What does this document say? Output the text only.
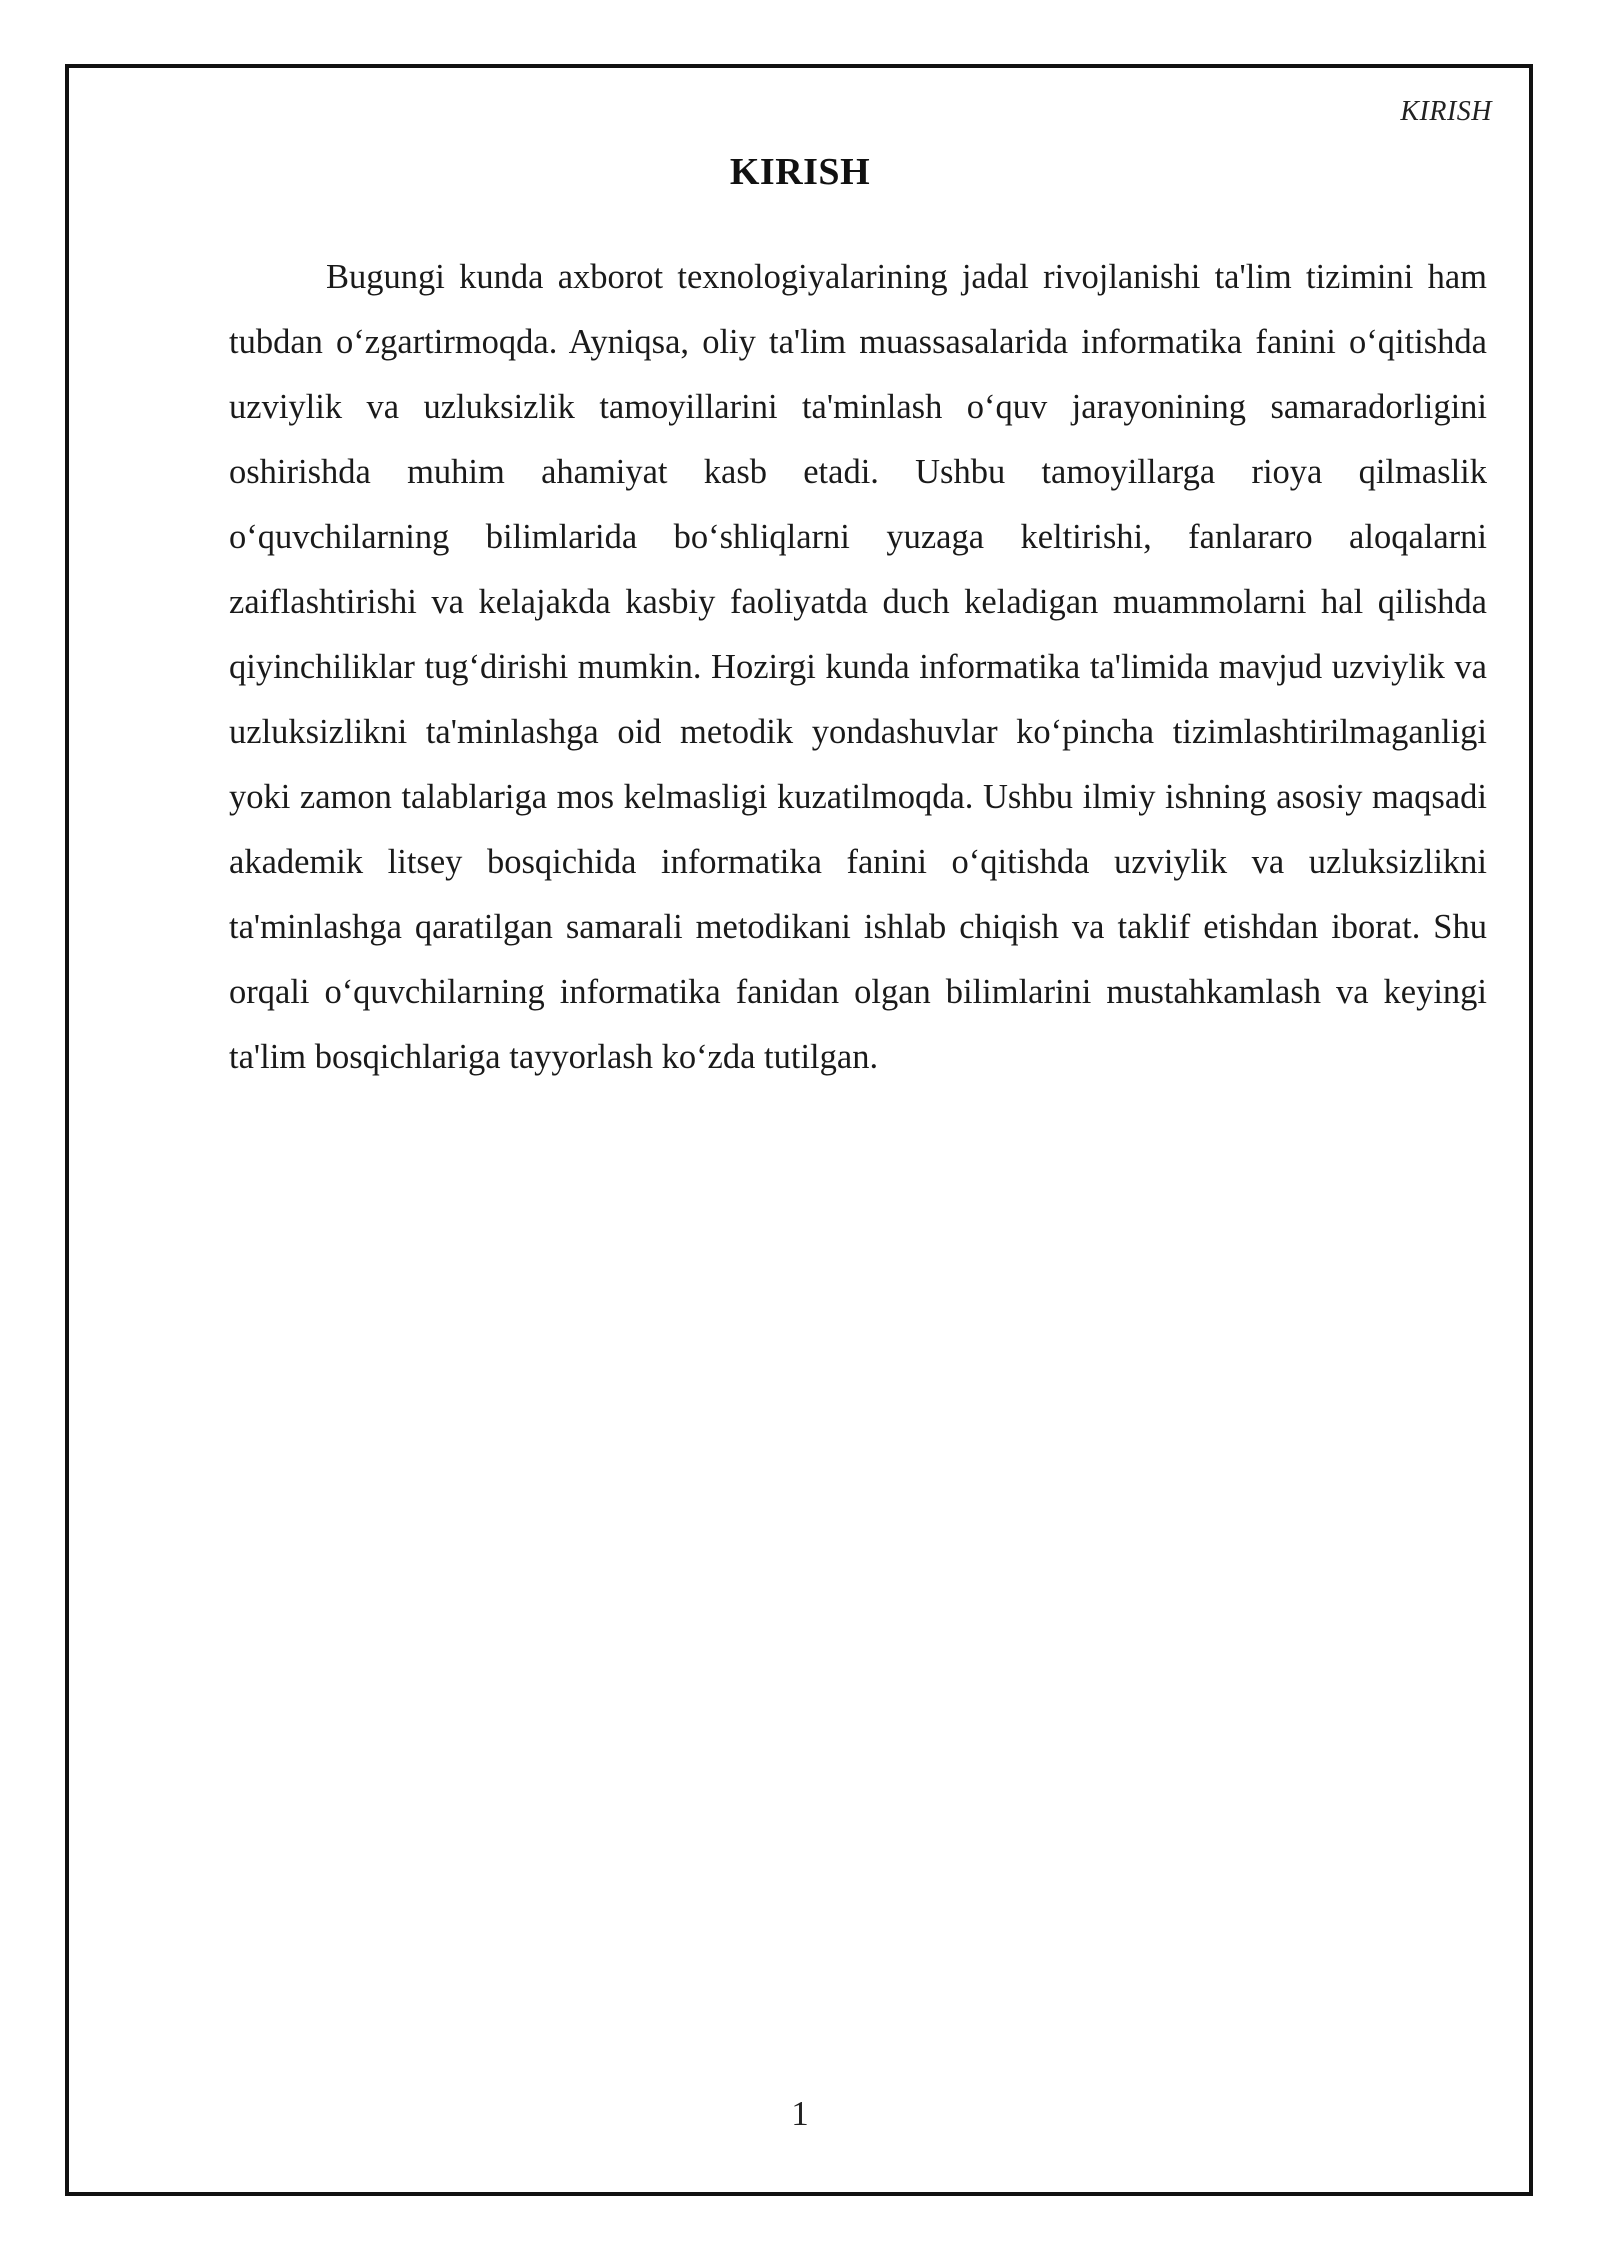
KIRISH
KIRISH

Bugungi kunda axborot texnologiyalarining jadal rivojlanishi ta'lim tizimini ham tubdan o‘zgartirmoqda. Ayniqsa, oliy ta'lim muassasalarida informatika fanini o‘qitishda uzviylik va uzluksizlik tamoyillarini ta'minlash o‘quv jarayonining samaradorligini oshirishda muhim ahamiyat kasb etadi. Ushbu tamoyillarga rioya qilmaslik o‘quvchilarning bilimlarida bo‘shliqlarni yuzaga keltirishi, fanlararo aloqalarni zaiflashtirishi va kelajakda kasbiy faoliyatda duch keladigan muammolarni hal qilishda qiyinchiliklar tug‘dirishi mumkin. Hozirgi kunda informatika ta'limida mavjud uzviylik va uzluksizlikni ta'minlashga oid metodik yondashuvlar ko‘pincha tizimlashtirilmaganligi yoki zamon talablariga mos kelmasligi kuzatilmoqda. Ushbu ilmiy ishning asosiy maqsadi akademik litsey bosqichida informatika fanini o‘qitishda uzviylik va uzluksizlikni ta'minlashga qaratilgan samarali metodikani ishlab chiqish va taklif etishdan iborat. Shu orqali o‘quvchilarning informatika fanidan olgan bilimlarini mustahkamlash va keyingi ta'lim bosqichlariga tayyorlash ko‘zda tutilgan.

1
